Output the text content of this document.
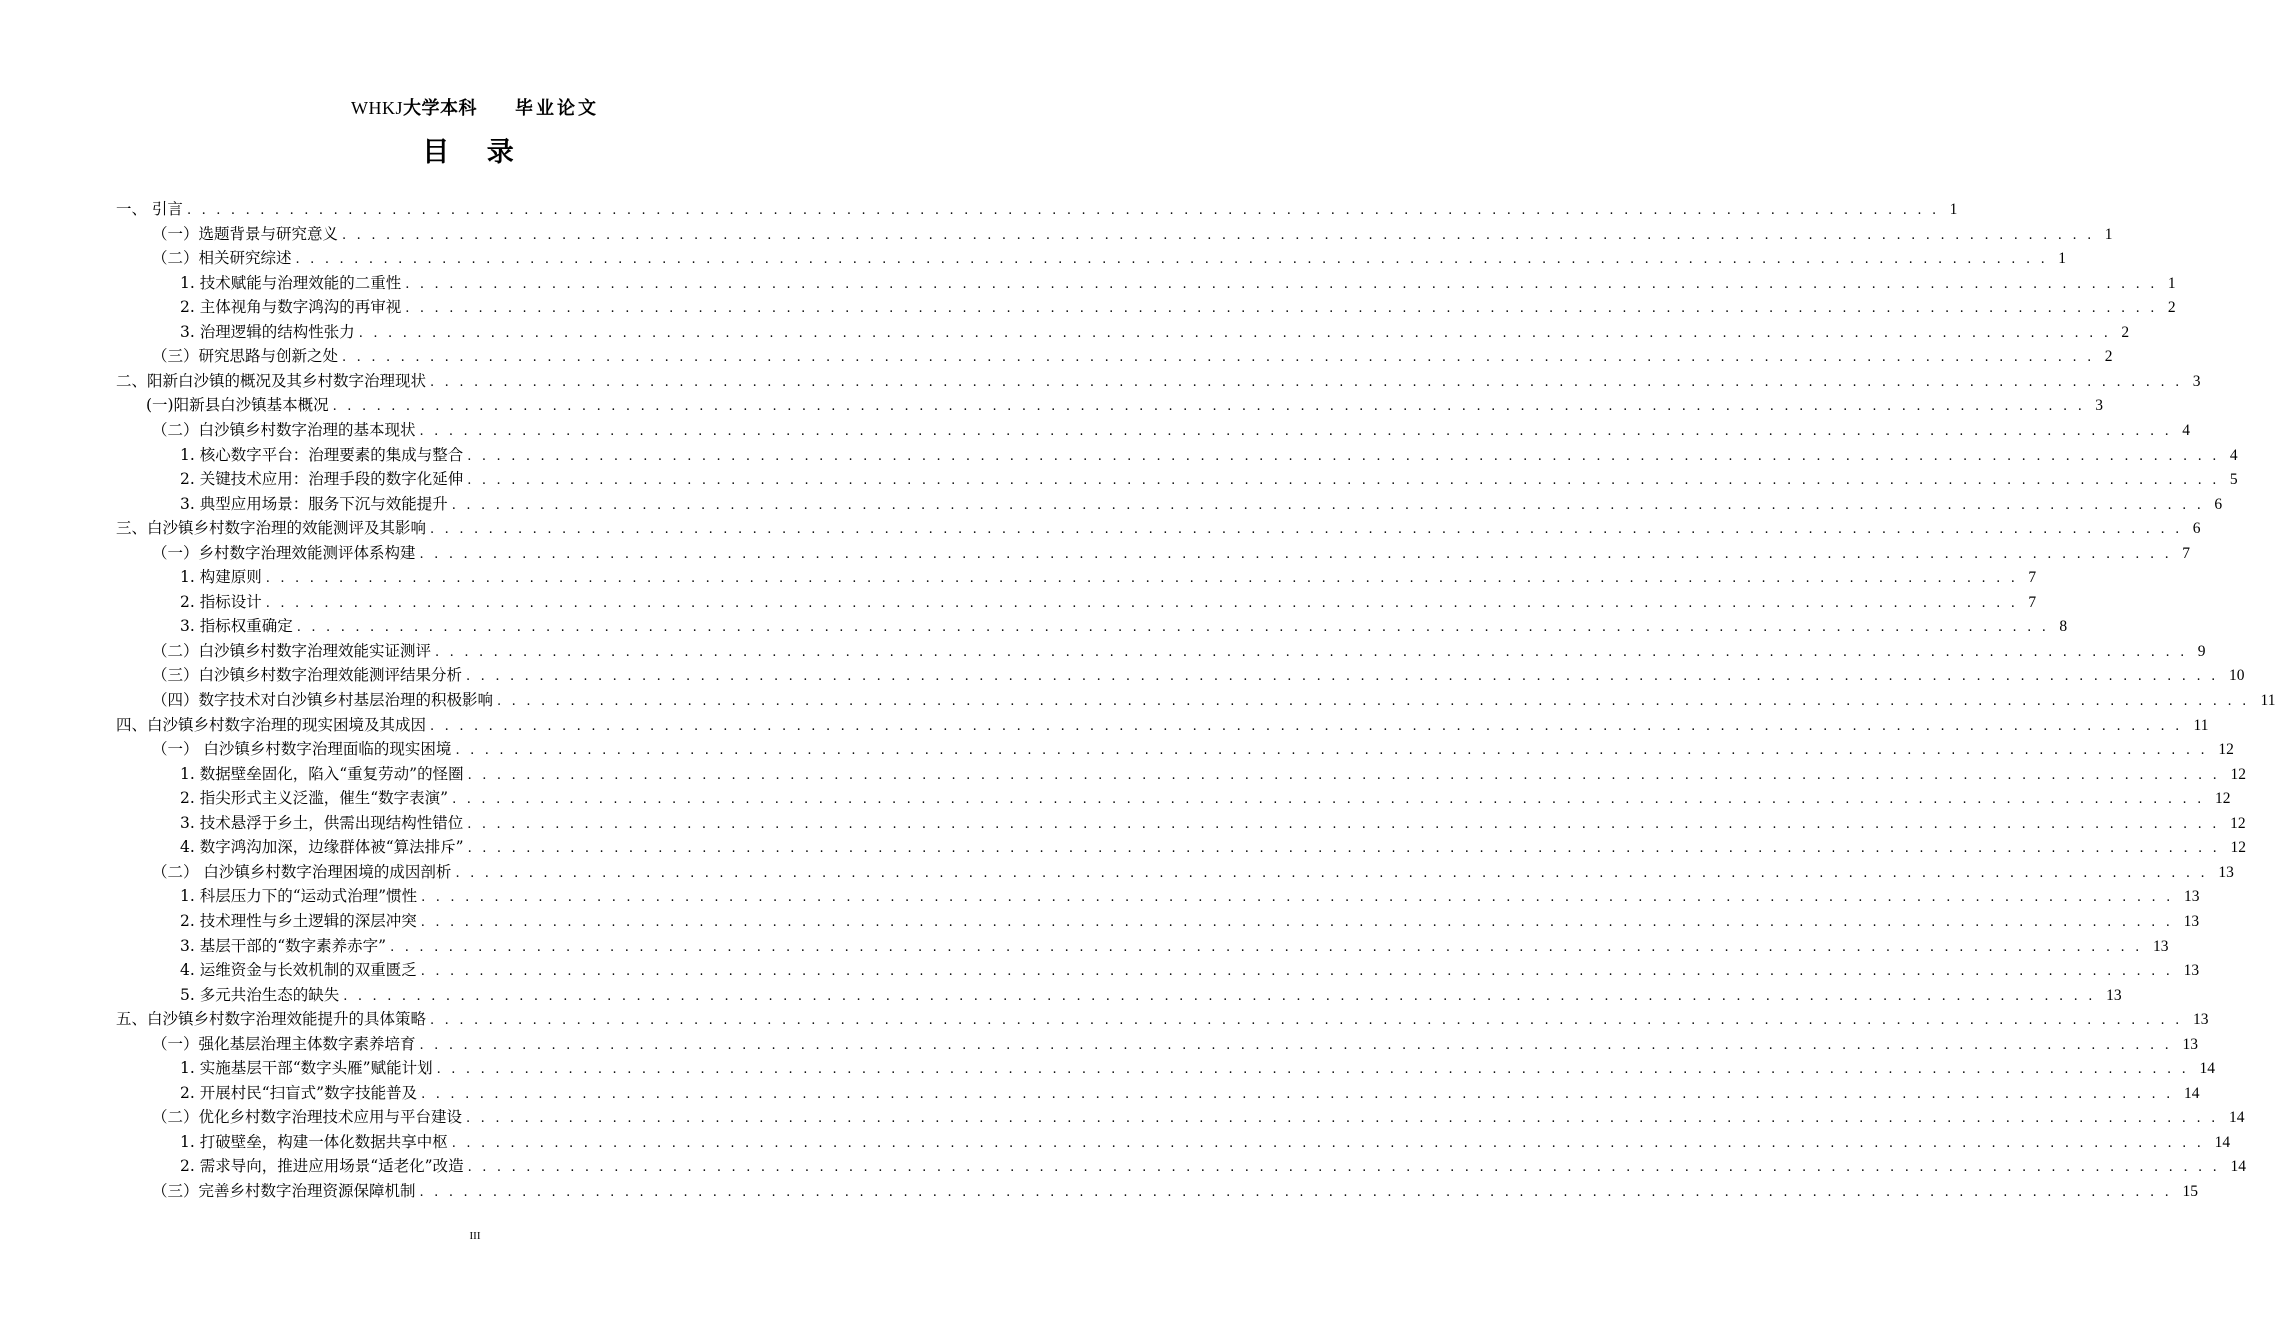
WHKJ大学本科 毕业论文
目 录
一、 引言 . . . . . . . . . . . . . . . . . . . . . . . . . . . . . . . . . . . . . . . . . . . . . . . . . . . . . . . . . . . . . . . . . . . . . . . . . . . . . . . . . . . . . . . . . . . . . . . . . . . . . . . . . . . . . . . . . . . . . . . . 1
（一）选题背景与研究意义 . . . . . . . . . . . . . . . . . . . . . . . . . . . . . . . . . . . . . . . . . . . . . . . . . . . . . . . . . . . . . . . . . . . . . . . . . . . . . . . . . . . . . . . . . . . . . . . . . . . . . . . . . . . . . . . . . . . . . . . . 1
（二）相关研究综述 . . . . . . . . . . . . . . . . . . . . . . . . . . . . . . . . . . . . . . . . . . . . . . . . . . . . . . . . . . . . . . . . . . . . . . . . . . . . . . . . . . . . . . . . . . . . . . . . . . . . . . . . . . . . . . . . . . . . . . . . 1
1. 技术赋能与治理效能的二重性 . . . . . . . . . . . . . . . . . . . . . . . . . . . . . . . . . . . . . . . . . . . . . . . . . . . . . . . . . . . . . . . . . . . . . . . . . . . . . . . . . . . . . . . . . . . . . . . . . . . . . . . . . . . . . . . . . . . . . . . . 1
2. 主体视角与数字鸿沟的再审视 . . . . . . . . . . . . . . . . . . . . . . . . . . . . . . . . . . . . . . . . . . . . . . . . . . . . . . . . . . . . . . . . . . . . . . . . . . . . . . . . . . . . . . . . . . . . . . . . . . . . . . . . . . . . . . . . . . . . . . . . 2
3. 治理逻辑的结构性张力 . . . . . . . . . . . . . . . . . . . . . . . . . . . . . . . . . . . . . . . . . . . . . . . . . . . . . . . . . . . . . . . . . . . . . . . . . . . . . . . . . . . . . . . . . . . . . . . . . . . . . . . . . . . . . . . . . . . . . . . . 2
（三）研究思路与创新之处 . . . . . . . . . . . . . . . . . . . . . . . . . . . . . . . . . . . . . . . . . . . . . . . . . . . . . . . . . . . . . . . . . . . . . . . . . . . . . . . . . . . . . . . . . . . . . . . . . . . . . . . . . . . . . . . . . . . . . . . . 2
二、阳新白沙镇的概况及其乡村数字治理现状 . . . . . . . . . . . . . . . . . . . . . . . . . . . . . . . . . . . . . . . . . . . . . . . . . . . . . . . . . . . . . . . . . . . . . . . . . . . . . . . . . . . . . . . . . . . . . . . . . . . . . . . . . . . . . . . . . . . . . . . . 3
(一)阳新县白沙镇基本概况 . . . . . . . . . . . . . . . . . . . . . . . . . . . . . . . . . . . . . . . . . . . . . . . . . . . . . . . . . . . . . . . . . . . . . . . . . . . . . . . . . . . . . . . . . . . . . . . . . . . . . . . . . . . . . . . . . . . . . . . . 3
（二）白沙镇乡村数字治理的基本现状 . . . . . . . . . . . . . . . . . . . . . . . . . . . . . . . . . . . . . . . . . . . . . . . . . . . . . . . . . . . . . . . . . . . . . . . . . . . . . . . . . . . . . . . . . . . . . . . . . . . . . . . . . . . . . . . . . . . . . . . . 4
1. 核心数字平台：治理要素的集成与整合 . . . . . . . . . . . . . . . . . . . . . . . . . . . . . . . . . . . . . . . . . . . . . . . . . . . . . . . . . . . . . . . . . . . . . . . . . . . . . . . . . . . . . . . . . . . . . . . . . . . . . . . . . . . . . . . . . . . . . . . . 4
2. 关键技术应用：治理手段的数字化延伸 . . . . . . . . . . . . . . . . . . . . . . . . . . . . . . . . . . . . . . . . . . . . . . . . . . . . . . . . . . . . . . . . . . . . . . . . . . . . . . . . . . . . . . . . . . . . . . . . . . . . . . . . . . . . . . . . . . . . . . . . 5
3. 典型应用场景：服务下沉与效能提升 . . . . . . . . . . . . . . . . . . . . . . . . . . . . . . . . . . . . . . . . . . . . . . . . . . . . . . . . . . . . . . . . . . . . . . . . . . . . . . . . . . . . . . . . . . . . . . . . . . . . . . . . . . . . . . . . . . . . . . . . 6
三、白沙镇乡村数字治理的效能测评及其影响 . . . . . . . . . . . . . . . . . . . . . . . . . . . . . . . . . . . . . . . . . . . . . . . . . . . . . . . . . . . . . . . . . . . . . . . . . . . . . . . . . . . . . . . . . . . . . . . . . . . . . . . . . . . . . . . . . . . . . . . . 6
（一）乡村数字治理效能测评体系构建 . . . . . . . . . . . . . . . . . . . . . . . . . . . . . . . . . . . . . . . . . . . . . . . . . . . . . . . . . . . . . . . . . . . . . . . . . . . . . . . . . . . . . . . . . . . . . . . . . . . . . . . . . . . . . . . . . . . . . . . . 7
1. 构建原则 . . . . . . . . . . . . . . . . . . . . . . . . . . . . . . . . . . . . . . . . . . . . . . . . . . . . . . . . . . . . . . . . . . . . . . . . . . . . . . . . . . . . . . . . . . . . . . . . . . . . . . . . . . . . . . . . . . . . . . . . 7
2. 指标设计 . . . . . . . . . . . . . . . . . . . . . . . . . . . . . . . . . . . . . . . . . . . . . . . . . . . . . . . . . . . . . . . . . . . . . . . . . . . . . . . . . . . . . . . . . . . . . . . . . . . . . . . . . . . . . . . . . . . . . . . . 7
3. 指标权重确定 . . . . . . . . . . . . . . . . . . . . . . . . . . . . . . . . . . . . . . . . . . . . . . . . . . . . . . . . . . . . . . . . . . . . . . . . . . . . . . . . . . . . . . . . . . . . . . . . . . . . . . . . . . . . . . . . . . . . . . . . 8
（二）白沙镇乡村数字治理效能实证测评 . . . . . . . . . . . . . . . . . . . . . . . . . . . . . . . . . . . . . . . . . . . . . . . . . . . . . . . . . . . . . . . . . . . . . . . . . . . . . . . . . . . . . . . . . . . . . . . . . . . . . . . . . . . . . . . . . . . . . . . . 9
（三）白沙镇乡村数字治理效能测评结果分析 . . . . . . . . . . . . . . . . . . . . . . . . . . . . . . . . . . . . . . . . . . . . . . . . . . . . . . . . . . . . . . . . . . . . . . . . . . . . . . . . . . . . . . . . . . . . . . . . . . . . . . . . . . . . . . . . . . . . . . . . 10
（四）数字技术对白沙镇乡村基层治理的积极影响 . . . . . . . . . . . . . . . . . . . . . . . . . . . . . . . . . . . . . . . . . . . . . . . . . . . . . . . . . . . . . . . . . . . . . . . . . . . . . . . . . . . . . . . . . . . . . . . . . . . . . . . . . . . . . . . . . . . . . . . . 11
四、白沙镇乡村数字治理的现实困境及其成因 . . . . . . . . . . . . . . . . . . . . . . . . . . . . . . . . . . . . . . . . . . . . . . . . . . . . . . . . . . . . . . . . . . . . . . . . . . . . . . . . . . . . . . . . . . . . . . . . . . . . . . . . . . . . . . . . . . . . . . . . 11
（一） 白沙镇乡村数字治理面临的现实困境 . . . . . . . . . . . . . . . . . . . . . . . . . . . . . . . . . . . . . . . . . . . . . . . . . . . . . . . . . . . . . . . . . . . . . . . . . . . . . . . . . . . . . . . . . . . . . . . . . . . . . . . . . . . . . . . . . . . . . . . . 12
1. 数据壁垒固化，陷入“重复劳动”的怪圈 . . . . . . . . . . . . . . . . . . . . . . . . . . . . . . . . . . . . . . . . . . . . . . . . . . . . . . . . . . . . . . . . . . . . . . . . . . . . . . . . . . . . . . . . . . . . . . . . . . . . . . . . . . . . . . . . . . . . . . . . 12
2. 指尖形式主义泛滥，催生“数字表演” . . . . . . . . . . . . . . . . . . . . . . . . . . . . . . . . . . . . . . . . . . . . . . . . . . . . . . . . . . . . . . . . . . . . . . . . . . . . . . . . . . . . . . . . . . . . . . . . . . . . . . . . . . . . . . . . . . . . . . . . 12
3. 技术悬浮于乡土，供需出现结构性错位 . . . . . . . . . . . . . . . . . . . . . . . . . . . . . . . . . . . . . . . . . . . . . . . . . . . . . . . . . . . . . . . . . . . . . . . . . . . . . . . . . . . . . . . . . . . . . . . . . . . . . . . . . . . . . . . . . . . . . . . . 12
4. 数字鸿沟加深，边缘群体被“算法排斥” . . . . . . . . . . . . . . . . . . . . . . . . . . . . . . . . . . . . . . . . . . . . . . . . . . . . . . . . . . . . . . . . . . . . . . . . . . . . . . . . . . . . . . . . . . . . . . . . . . . . . . . . . . . . . . . . . . . . . . . . 12
（二） 白沙镇乡村数字治理困境的成因剖析 . . . . . . . . . . . . . . . . . . . . . . . . . . . . . . . . . . . . . . . . . . . . . . . . . . . . . . . . . . . . . . . . . . . . . . . . . . . . . . . . . . . . . . . . . . . . . . . . . . . . . . . . . . . . . . . . . . . . . . . . 13
1. 科层压力下的“运动式治理”惯性 . . . . . . . . . . . . . . . . . . . . . . . . . . . . . . . . . . . . . . . . . . . . . . . . . . . . . . . . . . . . . . . . . . . . . . . . . . . . . . . . . . . . . . . . . . . . . . . . . . . . . . . . . . . . . . . . . . . . . . . . 13
2. 技术理性与乡土逻辑的深层冲突 . . . . . . . . . . . . . . . . . . . . . . . . . . . . . . . . . . . . . . . . . . . . . . . . . . . . . . . . . . . . . . . . . . . . . . . . . . . . . . . . . . . . . . . . . . . . . . . . . . . . . . . . . . . . . . . . . . . . . . . . 13
3. 基层干部的“数字素养赤字” . . . . . . . . . . . . . . . . . . . . . . . . . . . . . . . . . . . . . . . . . . . . . . . . . . . . . . . . . . . . . . . . . . . . . . . . . . . . . . . . . . . . . . . . . . . . . . . . . . . . . . . . . . . . . . . . . . . . . . . . 13
4. 运维资金与长效机制的双重匮乏 . . . . . . . . . . . . . . . . . . . . . . . . . . . . . . . . . . . . . . . . . . . . . . . . . . . . . . . . . . . . . . . . . . . . . . . . . . . . . . . . . . . . . . . . . . . . . . . . . . . . . . . . . . . . . . . . . . . . . . . . 13
5. 多元共治生态的缺失 . . . . . . . . . . . . . . . . . . . . . . . . . . . . . . . . . . . . . . . . . . . . . . . . . . . . . . . . . . . . . . . . . . . . . . . . . . . . . . . . . . . . . . . . . . . . . . . . . . . . . . . . . . . . . . . . . . . . . . . . 13
五、白沙镇乡村数字治理效能提升的具体策略 . . . . . . . . . . . . . . . . . . . . . . . . . . . . . . . . . . . . . . . . . . . . . . . . . . . . . . . . . . . . . . . . . . . . . . . . . . . . . . . . . . . . . . . . . . . . . . . . . . . . . . . . . . . . . . . . . . . . . . . . 13
（一）强化基层治理主体数字素养培育 . . . . . . . . . . . . . . . . . . . . . . . . . . . . . . . . . . . . . . . . . . . . . . . . . . . . . . . . . . . . . . . . . . . . . . . . . . . . . . . . . . . . . . . . . . . . . . . . . . . . . . . . . . . . . . . . . . . . . . . . 13
1. 实施基层干部“数字头雁”赋能计划 . . . . . . . . . . . . . . . . . . . . . . . . . . . . . . . . . . . . . . . . . . . . . . . . . . . . . . . . . . . . . . . . . . . . . . . . . . . . . . . . . . . . . . . . . . . . . . . . . . . . . . . . . . . . . . . . . . . . . . . . 14
2. 开展村民“扫盲式”数字技能普及 . . . . . . . . . . . . . . . . . . . . . . . . . . . . . . . . . . . . . . . . . . . . . . . . . . . . . . . . . . . . . . . . . . . . . . . . . . . . . . . . . . . . . . . . . . . . . . . . . . . . . . . . . . . . . . . . . . . . . . . . 14
（二）优化乡村数字治理技术应用与平台建设 . . . . . . . . . . . . . . . . . . . . . . . . . . . . . . . . . . . . . . . . . . . . . . . . . . . . . . . . . . . . . . . . . . . . . . . . . . . . . . . . . . . . . . . . . . . . . . . . . . . . . . . . . . . . . . . . . . . . . . . . 14
1. 打破壁垒，构建一体化数据共享中枢 . . . . . . . . . . . . . . . . . . . . . . . . . . . . . . . . . . . . . . . . . . . . . . . . . . . . . . . . . . . . . . . . . . . . . . . . . . . . . . . . . . . . . . . . . . . . . . . . . . . . . . . . . . . . . . . . . . . . . . . . 14
2. 需求导向，推进应用场景“适老化”改造 . . . . . . . . . . . . . . . . . . . . . . . . . . . . . . . . . . . . . . . . . . . . . . . . . . . . . . . . . . . . . . . . . . . . . . . . . . . . . . . . . . . . . . . . . . . . . . . . . . . . . . . . . . . . . . . . . . . . . . . . 14
（三）完善乡村数字治理资源保障机制 . . . . . . . . . . . . . . . . . . . . . . . . . . . . . . . . . . . . . . . . . . . . . . . . . . . . . . . . . . . . . . . . . . . . . . . . . . . . . . . . . . . . . . . . . . . . . . . . . . . . . . . . . . . . . . . . . . . . . . . . 15
III
